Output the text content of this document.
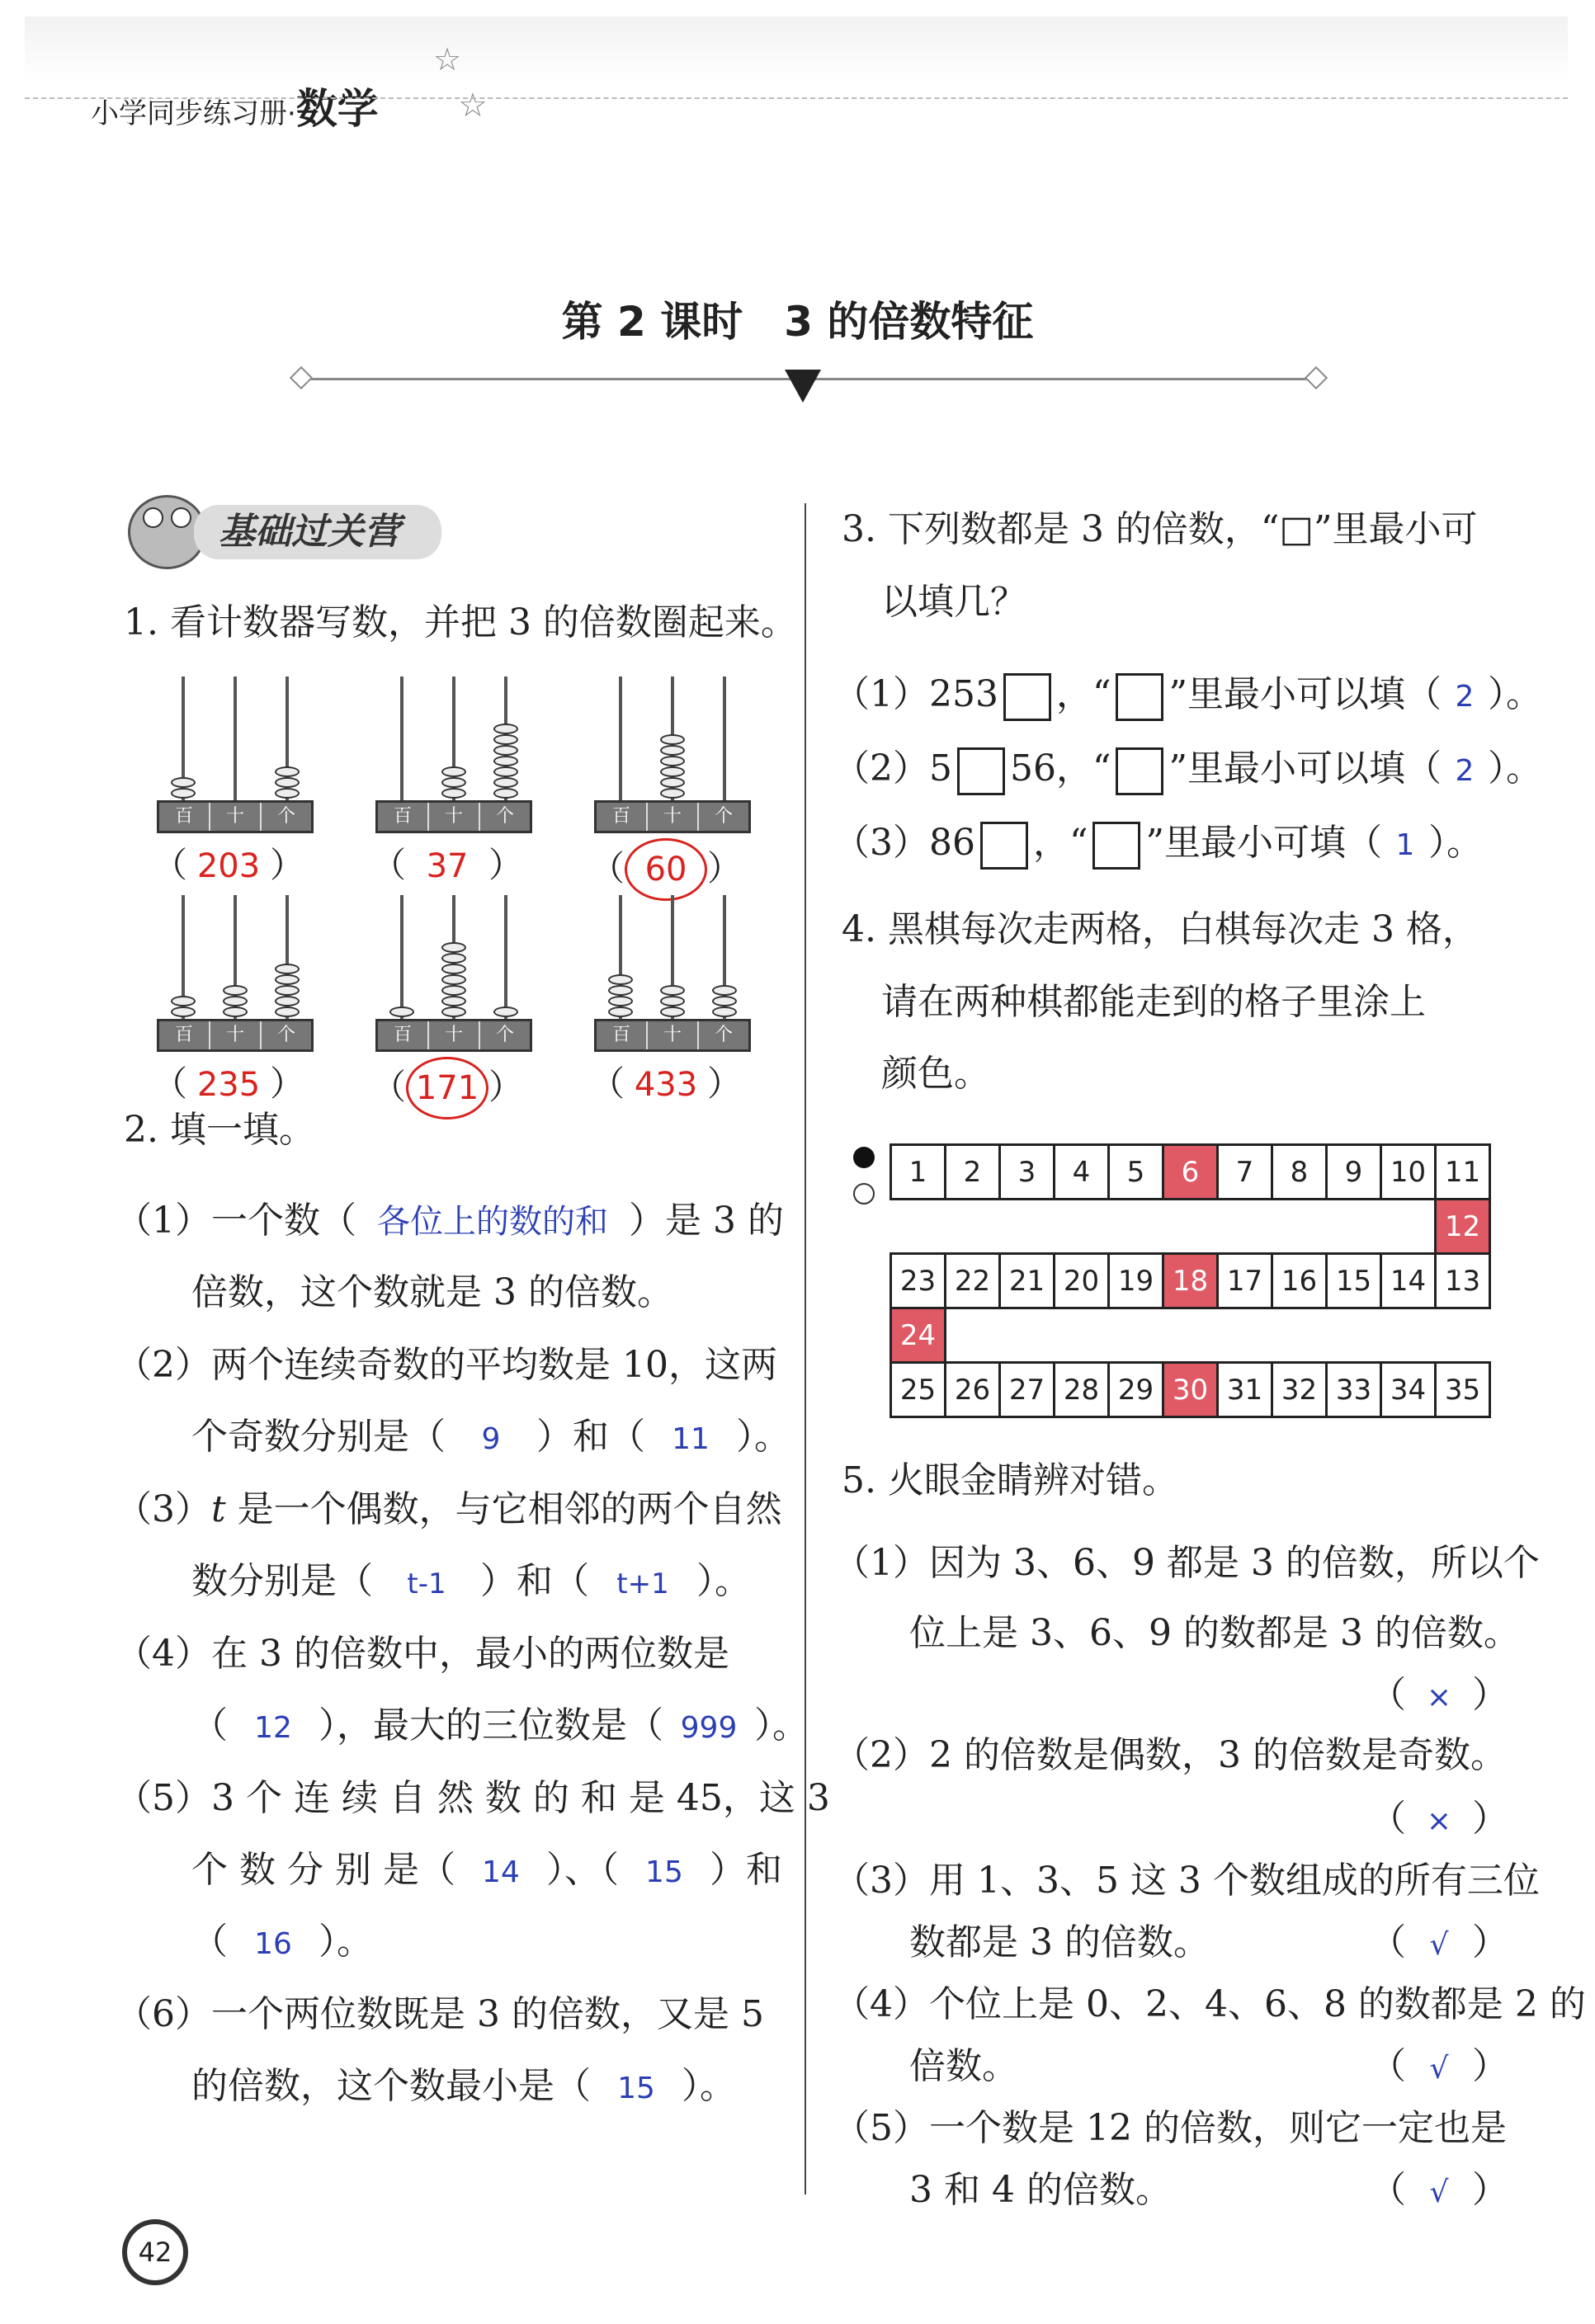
小学同步练习册·数学
☆
☆
第 2 课时　3 的倍数特征
基础过关营
1. 看计数器写数，并把 3 的倍数圈起来。
百	十	个
（ 203 ）
百	十	个
（ 37 ）
百	十	个
（ 60 ）
百	十	个
（ 235 ）
百	十	个
（ 171 ）
百	十	个
（ 433 ）
2. 填一填。
（1）一个数（ 各位上的数的和 ）是 3 的
倍数，这个数就是 3 的倍数。
（2）两个连续奇数的平均数是 10，这两
个奇数分别是（ 9 ）和（ 11 ）。
（3）t 是一个偶数，与它相邻的两个自然
数分别是（ t-1 ）和（ t+1 ）。
（4）在 3 的倍数中，最小的两位数是
（ 12 ），最大的三位数是（ 999 ）。
（5）3 个 连 续 自 然 数 的 和 是 45，这 3
个 数 分 别 是（ 14 ）、（ 15 ）和
（ 16 ）。
（6）一个两位数既是 3 的倍数，又是 5
的倍数，这个数最小是（ 15 ）。
3. 下列数都是 3 的倍数，“□”里最小可
以填几？
（1）253 ，“ ”里最小可以填（ 2 ）。
（2）5 56，“ ”里最小可以填（ 2 ）。
（3）86 ，“ ”里最小可填（ 1 ）。
4. 黑棋每次走两格，白棋每次走 3 格，
请在两种棋都能走到的格子里涂上
颜色。
1	2	3	4	5	6	7	8	9	10	11
										12
23	22	21	20	19	18	17	16	15	14	13
24										
25	26	27	28	29	30	31	32	33	34	35
5. 火眼金睛辨对错。
（1）因为 3、6、9 都是 3 的倍数，所以个
位上是 3、6、9 的数都是 3 的倍数。
（ × ）
（2）2 的倍数是偶数，3 的倍数是奇数。
（ × ）
（3）用 1、3、5 这 3 个数组成的所有三位
数都是 3 的倍数。	（ √ ）
（4）个位上是 0、2、4、6、8 的数都是 2 的
倍数。	（ √ ）
（5）一个数是 12 的倍数，则它一定也是
3 和 4 的倍数。	（ √ ）
42
